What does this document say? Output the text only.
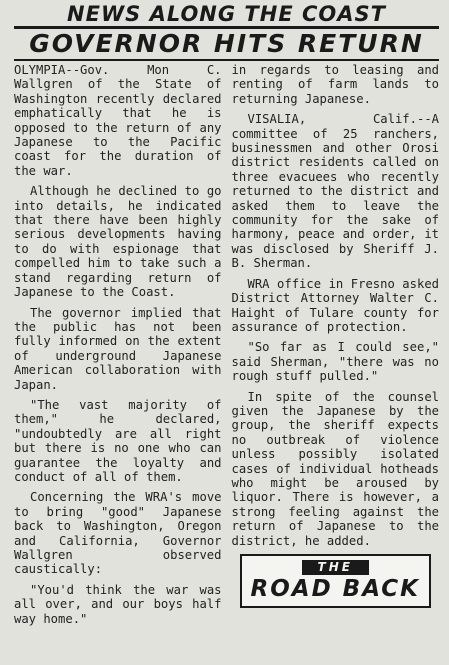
NEWS ALONG THE COAST
GOVERNOR HITS RETURN

OLYMPIA--Gov. Mon C. Wallgren of the State of Washington recently declared emphatically that he is opposed to the return of any Japanese to the Pacific coast for the duration of the war.

Although he declined to go into details, he indicated that there have been highly serious developments having to do with espionage that compelled him to take such a stand regarding return of Japanese to the Coast.

The governor implied that the public has not been fully informed on the extent of underground Japanese American collaboration with Japan.

"The vast majority of them," he declared, "undoubtedly are all right but there is no one who can guarantee the loyalty and conduct of all of them.

Concerning the WRA's move to bring "good" Japanese back to Washington, Oregon and California, Governor Wallgren observed caustically:

"You'd think the war was all over, and our boys half way home."

in regards to leasing and renting of farm lands to returning Japanese.

VISALIA, Calif.--A committee of 25 ranchers, businessmen and other Orosi district residents called on three evacuees who recently returned to the district and asked them to leave the community for the sake of harmony, peace and order, it was disclosed by Sheriff J. B. Sherman.

WRA office in Fresno asked District Attorney Walter C. Haight of Tulare county for assurance of protection.

"So far as I could see," said Sherman, "there was no rough stuff pulled."

In spite of the counsel given the Japanese by the group, the sheriff expects no outbreak of violence unless possibly isolated cases of individual hotheads who might be aroused by liquor. There is however, a strong feeling against the return of Japanese to the district, he added.

THE
ROAD BACK
